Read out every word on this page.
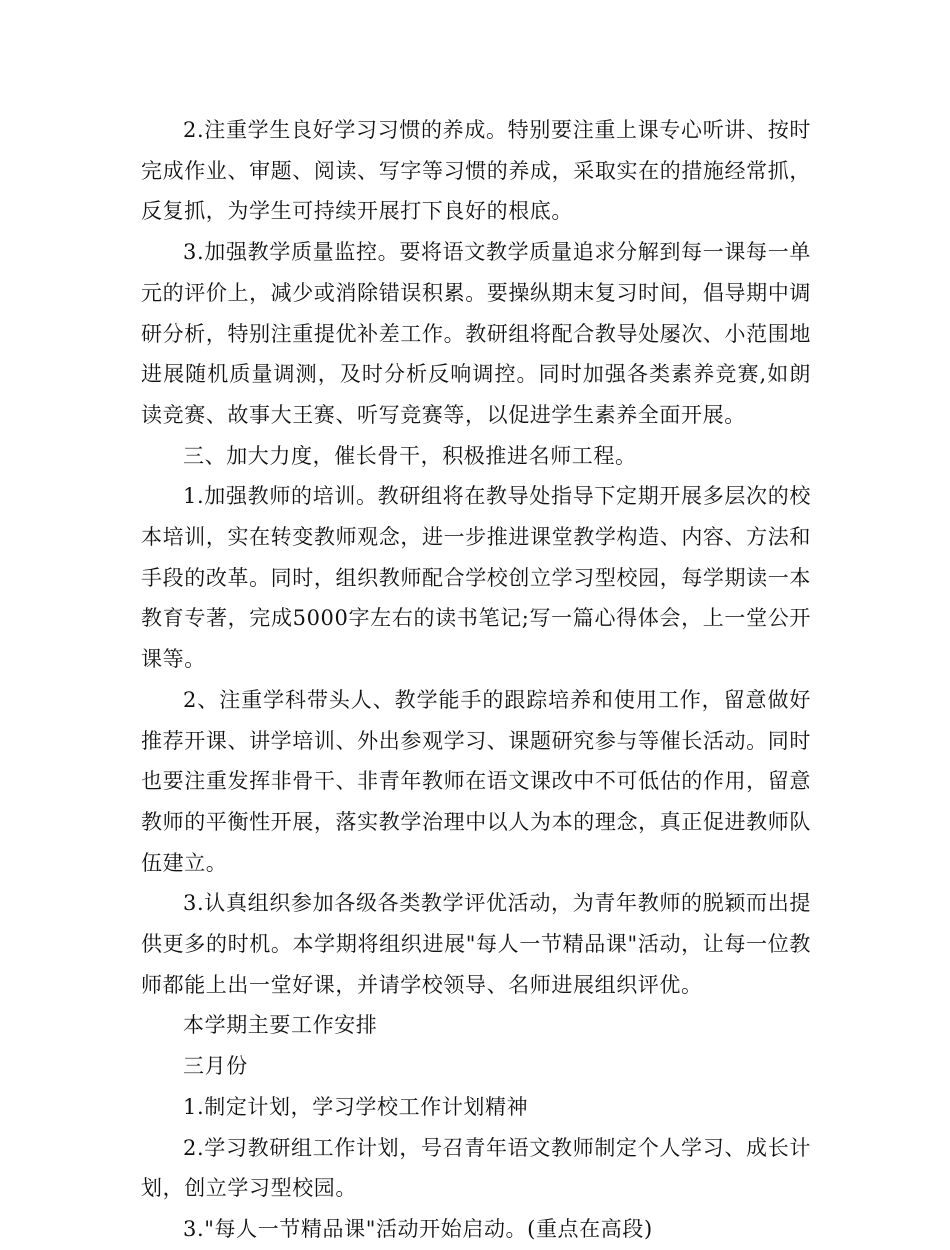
2.注重学生良好学习习惯的养成。特别要注重上课专心听讲、按时完成作业、审题、阅读、写字等习惯的养成，采取实在的措施经常抓，反复抓，为学生可持续开展打下良好的根底。

3.加强教学质量监控。要将语文教学质量追求分解到每一课每一单元的评价上，减少或消除错误积累。要操纵期末复习时间，倡导期中调研分析，特别注重提优补差工作。教研组将配合教导处屡次、小范围地进展随机质量调测，及时分析反响调控。同时加强各类素养竞赛,如朗读竞赛、故事大王赛、听写竞赛等，以促进学生素养全面开展。

三、加大力度，催长骨干，积极推进名师工程。

1.加强教师的培训。教研组将在教导处指导下定期开展多层次的校本培训，实在转变教师观念，进一步推进课堂教学构造、内容、方法和手段的改革。同时，组织教师配合学校创立学习型校园，每学期读一本教育专著，完成5000字左右的读书笔记;写一篇心得体会，上一堂公开课等。

2、注重学科带头人、教学能手的跟踪培养和使用工作，留意做好推荐开课、讲学培训、外出参观学习、课题研究参与等催长活动。同时也要注重发挥非骨干、非青年教师在语文课改中不可低估的作用，留意教师的平衡性开展，落实教学治理中以人为本的理念，真正促进教师队伍建立。

3.认真组织参加各级各类教学评优活动，为青年教师的脱颖而出提供更多的时机。本学期将组织进展"每人一节精品课"活动，让每一位教师都能上出一堂好课，并请学校领导、名师进展组织评优。

本学期主要工作安排

三月份

1.制定计划，学习学校工作计划精神

2.学习教研组工作计划，号召青年语文教师制定个人学习、成长计划，创立学习型校园。

3."每人一节精品课"活动开始启动。(重点在高段)
